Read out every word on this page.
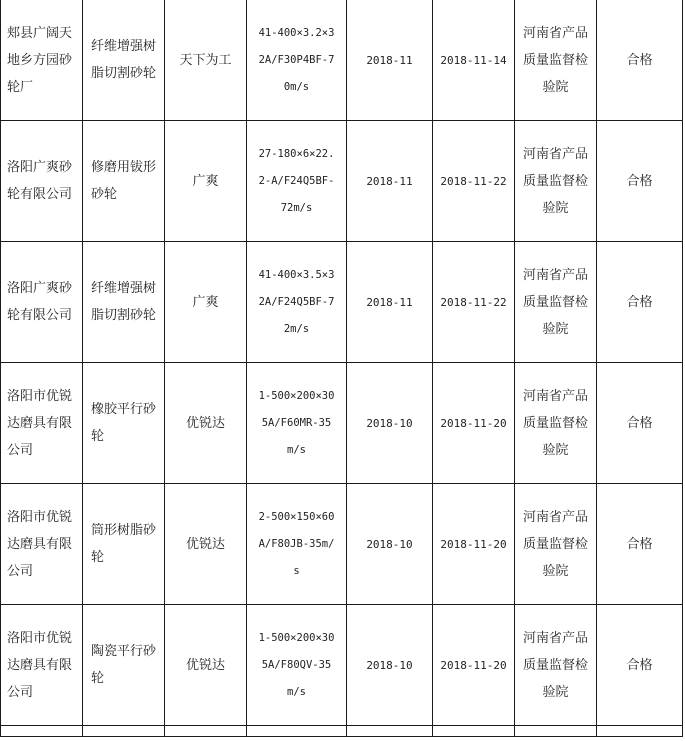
郏县广阔天地乡方园砂轮厂	纤维增强树脂切割砂轮	天下为工	41-400×3.2×32A/F30P4BF-70m/s	2018-11	2018-11-14	河南省产品质量监督检验院	合格
洛阳广爽砂轮有限公司	修磨用钹形砂轮	广爽	27-180×6×22.2-A/F24Q5BF-72m/s	2018-11	2018-11-22	河南省产品质量监督检验院	合格
洛阳广爽砂轮有限公司	纤维增强树脂切割砂轮	广爽	41-400×3.5×32A/F24Q5BF-72m/s	2018-11	2018-11-22	河南省产品质量监督检验院	合格
洛阳市优锐达磨具有限公司	橡胶平行砂轮	优锐达	1-500×200×305A/F60MR-35m/s	2018-10	2018-11-20	河南省产品质量监督检验院	合格
洛阳市优锐达磨具有限公司	筒形树脂砂轮	优锐达	2-500×150×60A/F80JB-35m/s	2018-10	2018-11-20	河南省产品质量监督检验院	合格
洛阳市优锐达磨具有限公司	陶瓷平行砂轮	优锐达	1-500×200×305A/F80QV-35m/s	2018-10	2018-11-20	河南省产品质量监督检验院	合格
